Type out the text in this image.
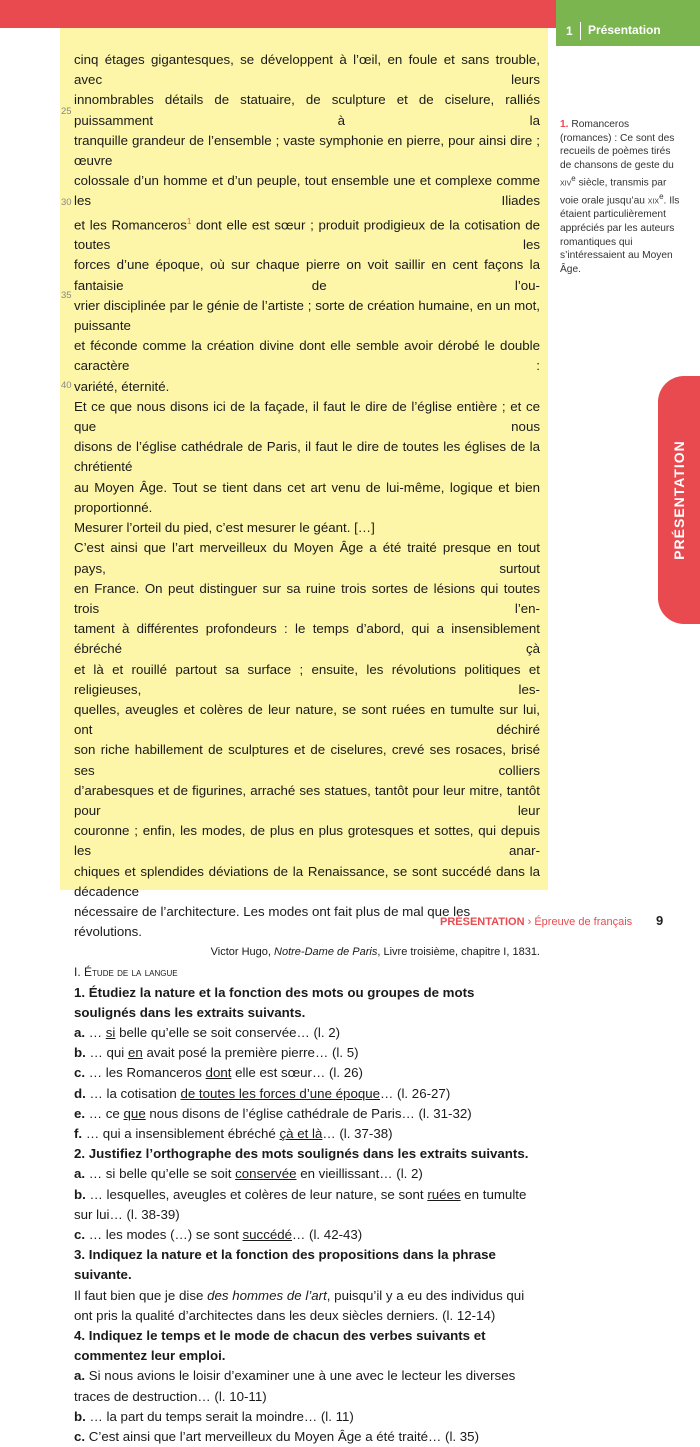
1 Présentation
25
30
35
40

cinq étages gigantesques, se développent à l’œil, en foule et sans trouble, avec leurs

innombrables détails de statuaire, de sculpture et de ciselure, ralliés puissamment à la

tranquille grandeur de l’ensemble ; vaste symphonie en pierre, pour ainsi dire ; œuvre

colossale d’un homme et d’un peuple, tout ensemble une et complexe comme les Iliades

et les Romanceros$^1$ dont elle est sœur ; produit prodigieux de la cotisation de toutes les

forces d’une époque, où sur chaque pierre on voit saillir en cent façons la fantaisie de l’ou-

vrier disciplinée par le génie de l’artiste ; sorte de création humaine, en un mot, puissante

et féconde comme la création divine dont elle semble avoir dérobé le double caractère :

variété, éternité.

Et ce que nous disons ici de la façade, il faut le dire de l’église entière ; et ce que nous

disons de l’église cathédrale de Paris, il faut le dire de toutes les églises de la chrétienté

au Moyen Âge. Tout se tient dans cet art venu de lui-même, logique et bien proportionné.

Mesurer l’orteil du pied, c’est mesurer le géant. […]

C’est ainsi que l’art merveilleux du Moyen Âge a été traité presque en tout pays, surtout

en France. On peut distinguer sur sa ruine trois sortes de lésions qui toutes trois l’en-

tament à différentes profondeurs : le temps d’abord, qui a insensiblement ébréché çà

et là et rouillé partout sa surface ; ensuite, les révolutions politiques et religieuses, les-

quelles, aveugles et colères de leur nature, se sont ruées en tumulte sur lui, ont déchiré

son riche habillement de sculptures et de ciselures, crevé ses rosaces, brisé ses colliers

d’arabesques et de figurines, arraché ses statues, tantôt pour leur mitre, tantôt pour leur

couronne ; enfin, les modes, de plus en plus grotesques et sottes, qui depuis les anar-

chiques et splendides déviations de la Renaissance, se sont succédé dans la décadence

nécessaire de l’architecture. Les modes ont fait plus de mal que les révolutions.

Victor Hugo, Notre-Dame de Paris, Livre troisième, chapitre I, 1831.

I. Étude de la langue

1. Étudiez la nature et la fonction des mots ou groupes de mots soulignés dans les extraits suivants.

a. … si belle qu’elle se soit conservée… (l. 2)

b. … qui en avait posé la première pierre… (l. 5)

c. … les Romanceros dont elle est sœur… (l. 26)

d. … la cotisation de toutes les forces d’une époque… (l. 26-27)

e. … ce que nous disons de l’église cathédrale de Paris… (l. 31-32)

f. … qui a insensiblement ébréché çà et là… (l. 37-38)

2. Justifiez l’orthographe des mots soulignés dans les extraits suivants.

a. … si belle qu’elle se soit conservée en vieillissant… (l. 2)

b. … lesquelles, aveugles et colères de leur nature, se sont ruées en tumulte sur lui… (l. 38-39)

c. … les modes (…) se sont succédé… (l. 42-43)

3. Indiquez la nature et la fonction des propositions dans la phrase suivante.

Il faut bien que je dise des hommes de l’art, puisqu’il y a eu des individus qui ont pris la qualité d’architectes dans les deux siècles derniers. (l. 12-14)

4. Indiquez le temps et le mode de chacun des verbes suivants et commentez leur emploi.

a. Si nous avions le loisir d’examiner une à une avec le lecteur les diverses traces de destruction… (l. 10-11)

b. … la part du temps serait la moindre… (l. 11)

c. C’est ainsi que l’art merveilleux du Moyen Âge a été traité… (l. 35)

1. Romanceros (romances) : Ce sont des recueils de poèmes tirés de chansons de geste du xiv$^e$ siècle, transmis par voie orale jusqu’au xix$^e$. Ils étaient particulièrement appréciés par les auteurs romantiques qui s’intéressaient au Moyen Âge.
PRÉSENTATION
PRÉSENTATION › Épreuve de français 9
